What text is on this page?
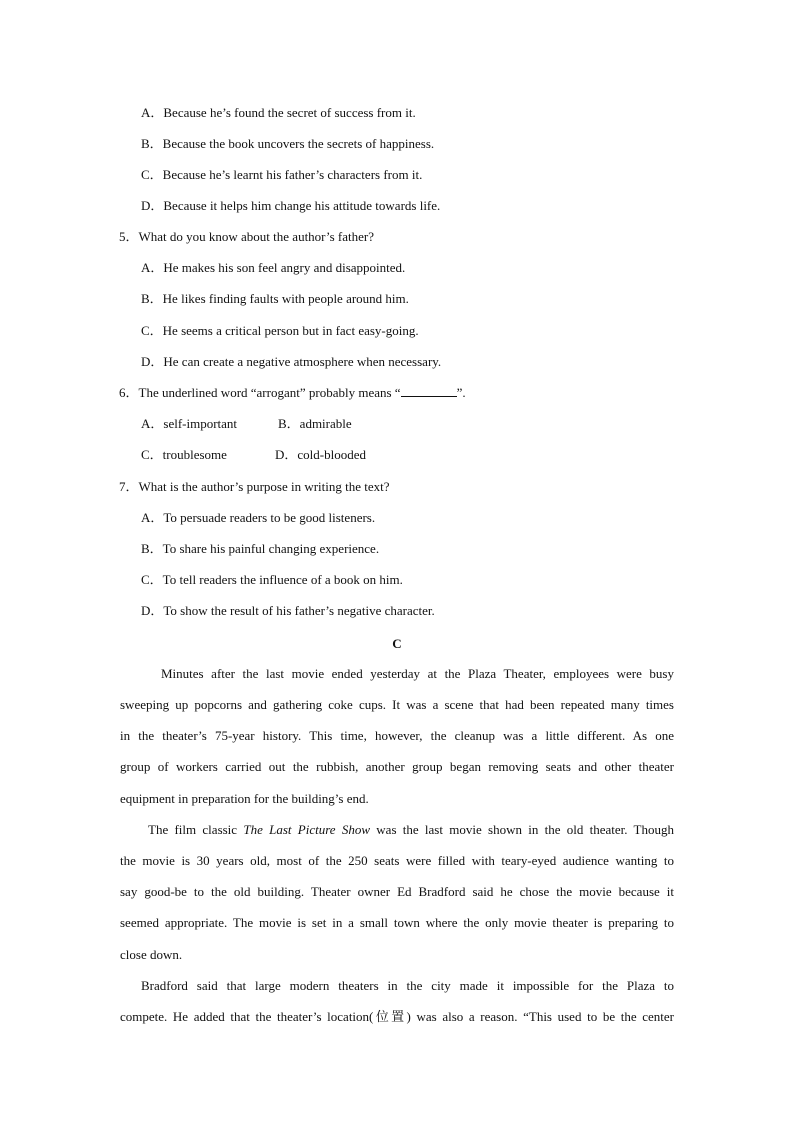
A．Because he’s found the secret of success from it.
B．Because the book uncovers the secrets of happiness.
C．Because he’s learnt his father’s characters from it.
D．Because it helps him change his attitude towards life.
5．What do you know about the author’s father?
A．He makes his son feel angry and disappointed.
B．He likes finding faults with people around him.
C．He seems a critical person but in fact easy-going.
D．He can create a negative atmosphere when necessary.
6．The underlined word “arrogant” probably means “	”.
A．self-important	B．admirable
C．troublesome	D．cold-blooded
7．What is the author’s purpose in writing the text?
A．To persuade readers to be good listeners.
B．To share his painful changing experience.
C．To tell readers the influence of a book on him.
D．To show the result of his father’s negative character.
C
Minutes after the last movie ended yesterday at the Plaza Theater, employees were busy
sweeping up popcorns and gathering coke cups. It was a scene that had been repeated many times
in the theater’s 75-year history. This time, however, the cleanup was a little different. As one
group of workers carried out the rubbish, another group began removing seats and other theater
equipment in preparation for the building’s end.
The film classic The Last Picture Show was the last movie shown in the old theater. Though
the movie is 30 years old, most of the 250 seats were filled with teary-eyed audience wanting to
say good-be to the old building. Theater owner Ed Bradford said he chose the movie because it
seemed appropriate. The movie is set in a small town where the only movie theater is preparing to
close down.
Bradford said that large modern theaters in the city made it impossible for the Plaza to
compete. He added that the theater’s location(位置) was also a reason. “This used to be the center
